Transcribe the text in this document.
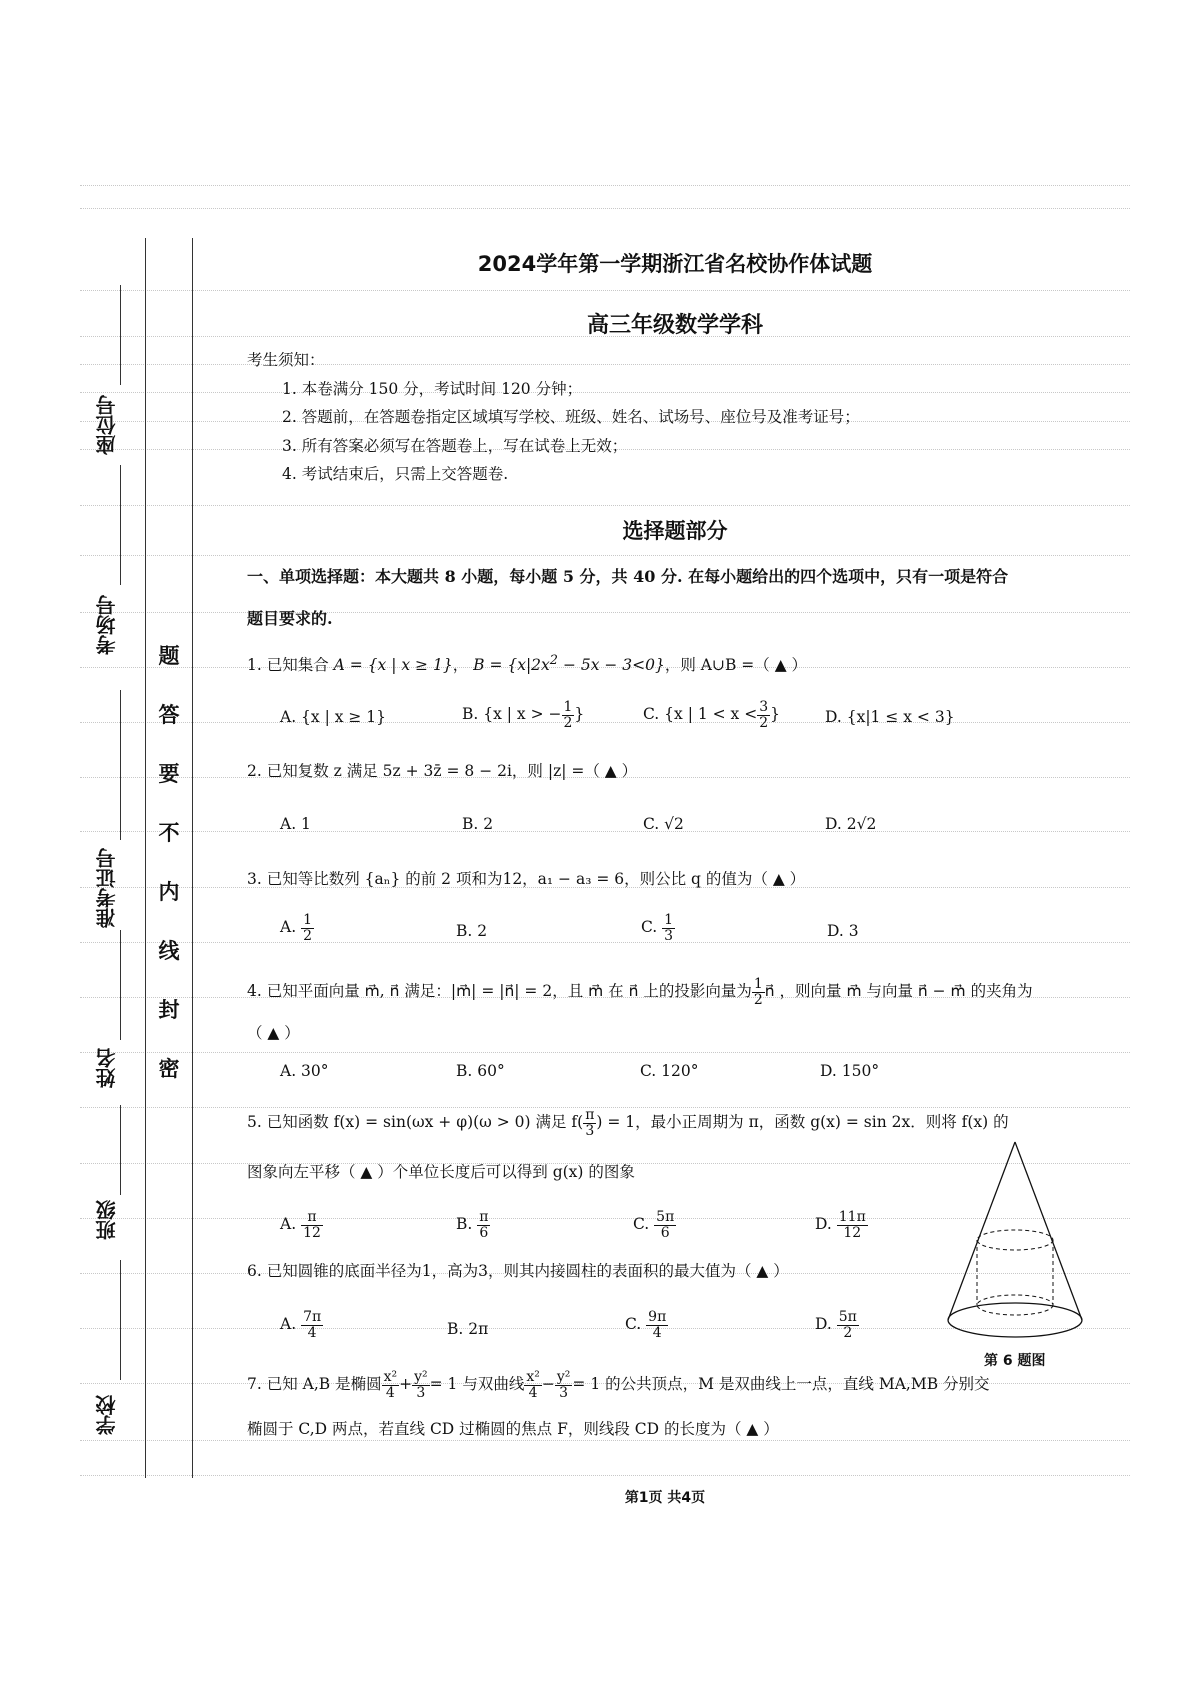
座位号
考场号
准考证号
姓名
班级
学校
题
答
要
不
内
线
封
密
2024学年第一学期浙江省名校协作体试题
高三年级数学学科
考生须知：
1. 本卷满分 150 分，考试时间 120 分钟；
2. 答题前，在答题卷指定区域填写学校、班级、姓名、试场号、座位号及准考证号；
3. 所有答案必须写在答题卷上，写在试卷上无效；
4. 考试结束后，只需上交答题卷.
选择题部分
一、单项选择题：本大题共 8 小题，每小题 5 分，共 40 分. 在每小题给出的四个选项中，只有一项是符合
题目要求的.
1. 已知集合 A = {x | x ≥ 1}， $B = \{x|2x^2 - 5x - 3<0\}$，则 A∪B =（ ▲ ）
A. {x | x ≥ 1}	B. {x | x > − $\frac{1}{2}$ }	C. {x | $1 < x < \frac{3}{2}$ }	D. {x|1 ≤ x < 3}
2. 已知复数 z 满足 5z + 3z̄ = 8 − 2i，则 |z| =（ ▲ ）
A. 1	B. 2	C. √2	D. 2√2
3. 已知等比数列 {aₙ} 的前 2 项和为12，a₁ − a₃ = 6，则公比 q 的值为（ ▲ ）
A. $\frac{1}{2}$	B. 2	C. $\frac{1}{3}$	D. 3
4. 已知平面向量 m⃗, n⃗ 满足：|m⃗| = |n⃗| = 2，且 m⃗ 在 n⃗ 上的投影向量为 $\frac{1}{2}$ n⃗ ，则向量 m⃗ 与向量 n⃗ − m⃗ 的夹角为
（ ▲ ）
A. 30°	B. 60°	C. 120°	D. 150°
5. 已知函数 f(x) = sin(ωx + φ)(ω > 0) 满足 $f( \frac{\pi}{3}$ ) = 1，最小正周期为 π，函数 g(x) = sin 2x．则将 f(x) 的
图象向左平移（ ▲ ）个单位长度后可以得到 g(x) 的图象
A. $\frac{\pi}{12}$	B. $\frac{\pi}{6}$	C. $\frac{5\pi}{6}$	D. $\frac{11\pi}{12}$
6. 已知圆锥的底面半径为1，高为3，则其内接圆柱的表面积的最大值为（ ▲ ）
A. $\frac{7\pi}{4}$	B. 2π	C. $\frac{9\pi}{4}$	D. $\frac{5\pi}{2}$
第 6 题图
7. 已知 A,B 是椭圆 $\frac{\text{x²}}{4} + \frac{\text{y²}}{3} = 1$ 与双曲线 $\frac{\text{x²}}{4} - \frac{\text{y²}}{3} = 1$ 的公共顶点，M 是双曲线上一点，直线 MA,MB 分别交
椭圆于 C,D 两点，若直线 CD 过椭圆的焦点 F，则线段 CD 的长度为（ ▲ ）
第1页 共4页
